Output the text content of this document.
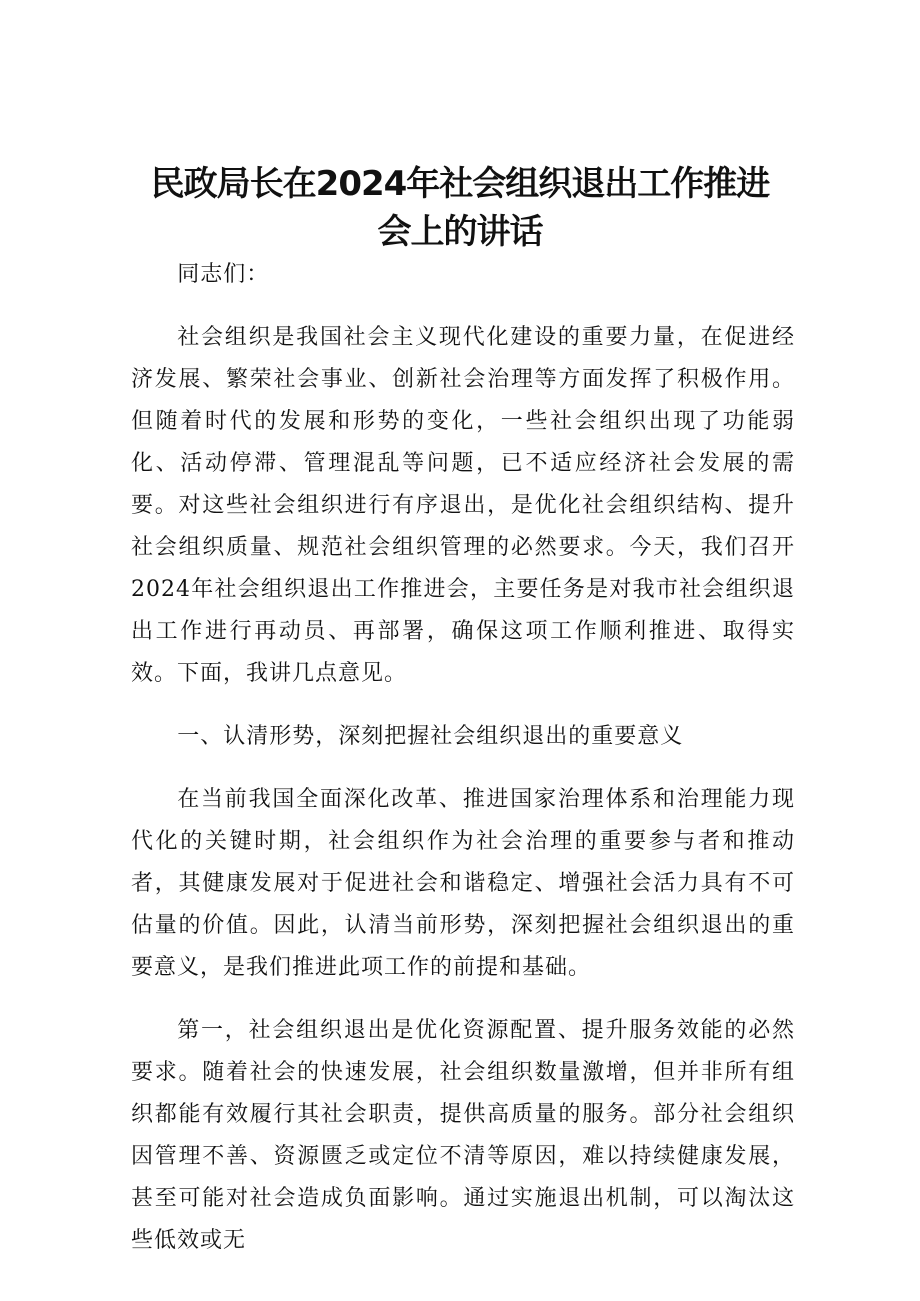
民政局长在2024年社会组织退出工作推进会上的讲话

同志们：

社会组织是我国社会主义现代化建设的重要力量，在促进经济发展、繁荣社会事业、创新社会治理等方面发挥了积极作用。但随着时代的发展和形势的变化，一些社会组织出现了功能弱化、活动停滞、管理混乱等问题，已不适应经济社会发展的需要。对这些社会组织进行有序退出，是优化社会组织结构、提升社会组织质量、规范社会组织管理的必然要求。今天，我们召开2024年社会组织退出工作推进会，主要任务是对我市社会组织退出工作进行再动员、再部署，确保这项工作顺利推进、取得实效。下面，我讲几点意见。

一、认清形势，深刻把握社会组织退出的重要意义

在当前我国全面深化改革、推进国家治理体系和治理能力现代化的关键时期，社会组织作为社会治理的重要参与者和推动者，其健康发展对于促进社会和谐稳定、增强社会活力具有不可估量的价值。因此，认清当前形势，深刻把握社会组织退出的重要意义，是我们推进此项工作的前提和基础。

第一，社会组织退出是优化资源配置、提升服务效能的必然要求。随着社会的快速发展，社会组织数量激增，但并非所有组织都能有效履行其社会职责，提供高质量的服务。部分社会组织因管理不善、资源匮乏或定位不清等原因，难以持续健康发展，甚至可能对社会造成负面影响。通过实施退出机制，可以淘汰这些低效或无
